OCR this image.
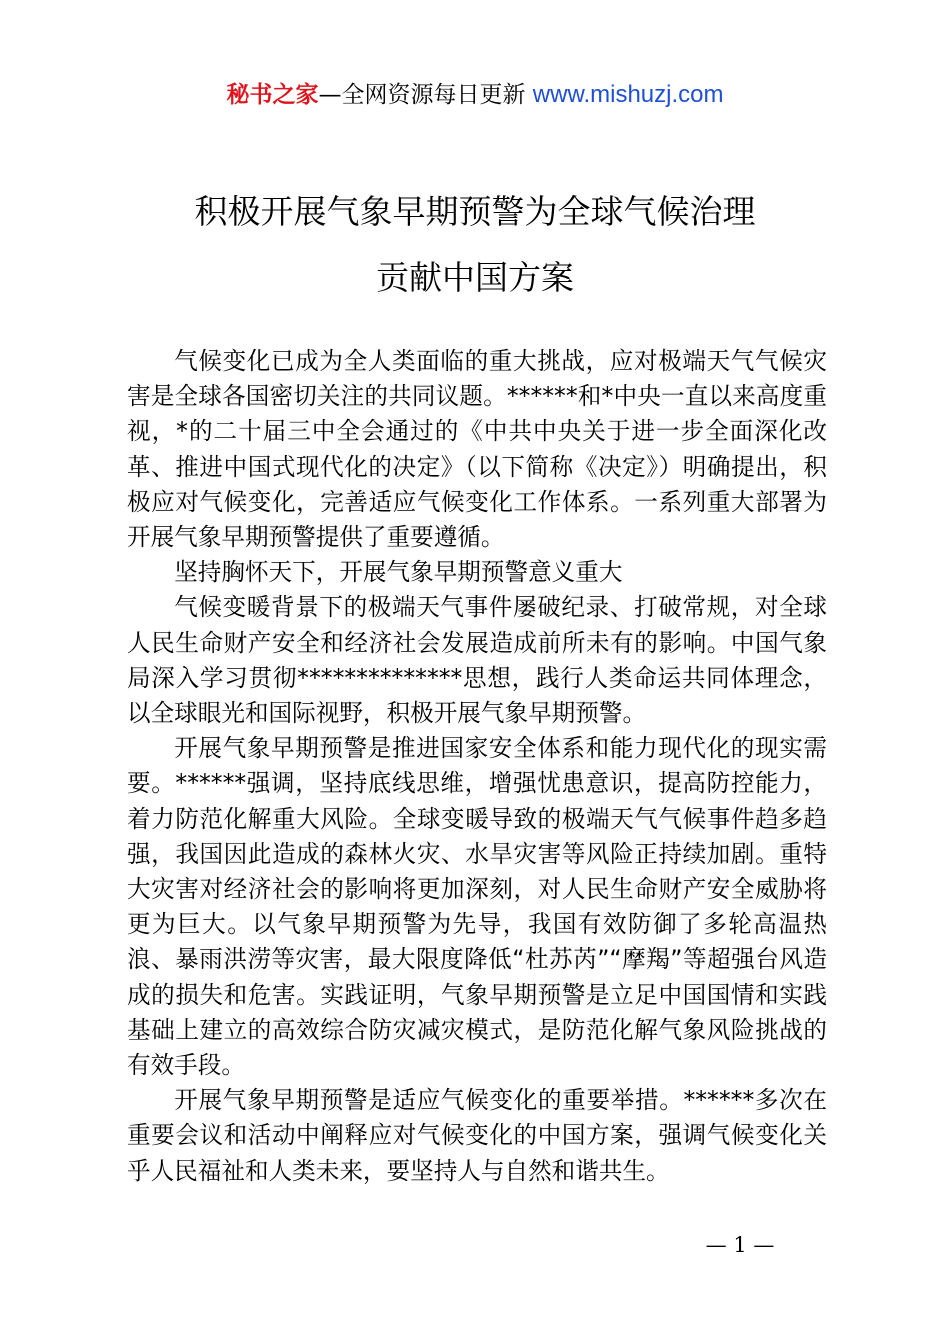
秘书之家—全网资源每日更新 www.mishuzj.com
积极开展气象早期预警为全球气候治理
贡献中国方案

气候变化已成为全人类面临的重大挑战，应对极端天气气候灾害是全球各国密切关注的共同议题。******和*中央一直以来高度重视，*的二十届三中全会通过的《中共中央关于进一步全面深化改革、推进中国式现代化的决定》（以下简称《决定》）明确提出，积极应对气候变化，完善适应气候变化工作体系。一系列重大部署为开展气象早期预警提供了重要遵循。

坚持胸怀天下，开展气象早期预警意义重大

气候变暖背景下的极端天气事件屡破纪录、打破常规，对全球人民生命财产安全和经济社会发展造成前所未有的影响。中国气象局深入学习贯彻**************思想，践行人类命运共同体理念，以全球眼光和国际视野，积极开展气象早期预警。

开展气象早期预警是推进国家安全体系和能力现代化的现实需要。******强调，坚持底线思维，增强忧患意识，提高防控能力，着力防范化解重大风险。全球变暖导致的极端天气气候事件趋多趋强，我国因此造成的森林火灾、水旱灾害等风险正持续加剧。重特大灾害对经济社会的影响将更加深刻，对人民生命财产安全威胁将更为巨大。以气象早期预警为先导，我国有效防御了多轮高温热浪、暴雨洪涝等灾害，最大限度降低“杜苏芮”“摩羯”等超强台风造成的损失和危害。实践证明，气象早期预警是立足中国国情和实践基础上建立的高效综合防灾减灾模式，是防范化解气象风险挑战的有效手段。

开展气象早期预警是适应气候变化的重要举措。******多次在重要会议和活动中阐释应对气候变化的中国方案，强调气候变化关乎人民福祉和人类未来，要坚持人与自然和谐共生。

— 1 —
